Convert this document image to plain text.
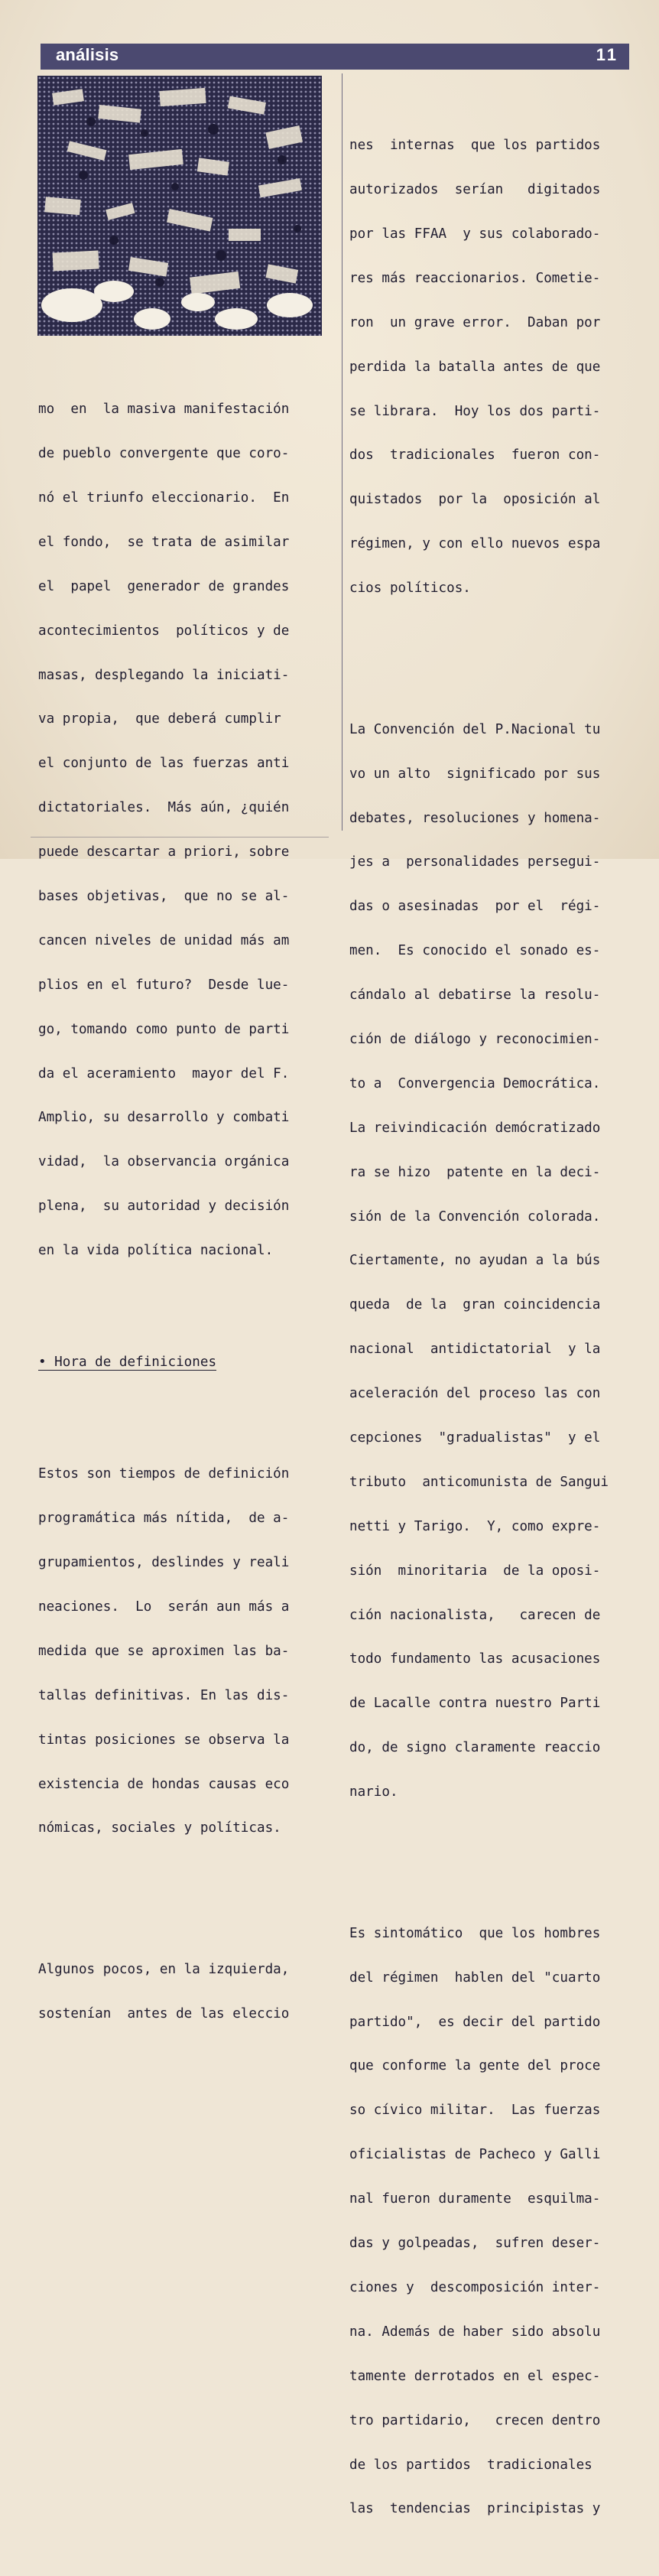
análisis	11

mo  en  la masiva manifestación

de pueblo convergente que coro-

nó el triunfo eleccionario.  En

el fondo,  se trata de asimilar

el  papel  generador de grandes

acontecimientos  políticos y de

masas, desplegando la iniciati-

va propia,  que deberá cumplir

el conjunto de las fuerzas anti

dictatoriales.  Más aún, ¿quién

puede descartar a priori, sobre

bases objetivas,  que no se al-

cancen niveles de unidad más am

plios en el futuro?  Desde lue-

go, tomando como punto de parti

da el aceramiento  mayor del F.

Amplio, su desarrollo y combati

vidad,  la observancia orgánica

plena,  su autoridad y decisión

en la vida política nacional.

• Hora de definiciones

Estos son tiempos de definición

programática más nítida,  de a-

grupamientos, deslindes y reali

neaciones.  Lo  serán aun más a

medida que se aproximen las ba-

tallas definitivas. En las dis-

tintas posiciones se observa la

existencia de hondas causas eco

nómicas, sociales y políticas.

Algunos pocos, en la izquierda,

sostenían  antes de las eleccio

nes  internas  que los partidos

autorizados  serían   digitados

por las FFAA  y sus colaborado-

res más reaccionarios. Cometie-

ron  un grave error.  Daban por

perdida la batalla antes de que

se librara.  Hoy los dos parti-

dos  tradicionales  fueron con-

quistados  por la  oposición al

régimen, y con ello nuevos espa

cios políticos.

La Convención del P.Nacional tu

vo un alto  significado por sus

debates, resoluciones y homena-

jes a  personalidades persegui-

das o asesinadas  por el  régi-

men.  Es conocido el sonado es-

cándalo al debatirse la resolu-

ción de diálogo y reconocimien-

to a  Convergencia Democrática.

La reivindicación demócratizado

ra se hizo  patente en la deci-

sión de la Convención colorada.

Ciertamente, no ayudan a la bús

queda  de la  gran coincidencia

nacional  antidictatorial  y la

aceleración del proceso las con

cepciones  "gradualistas"  y el

tributo  anticomunista de Sangui

netti y Tarigo.  Y, como expre-

sión  minoritaria  de la oposi-

ción nacionalista,   carecen de

todo fundamento las acusaciones

de Lacalle contra nuestro Parti

do, de signo claramente reaccio

nario.

Es sintomático  que los hombres

del régimen  hablen del "cuarto

partido",  es decir del partido

que conforme la gente del proce

so cívico militar.  Las fuerzas

oficialistas de Pacheco y Galli

nal fueron duramente  esquilma-

das y golpeadas,  sufren deser-

ciones y  descomposición inter-

na. Además de haber sido absolu

tamente derrotados en el espec-

tro partidario,   crecen dentro

de los partidos  tradicionales

las  tendencias  principistas y
